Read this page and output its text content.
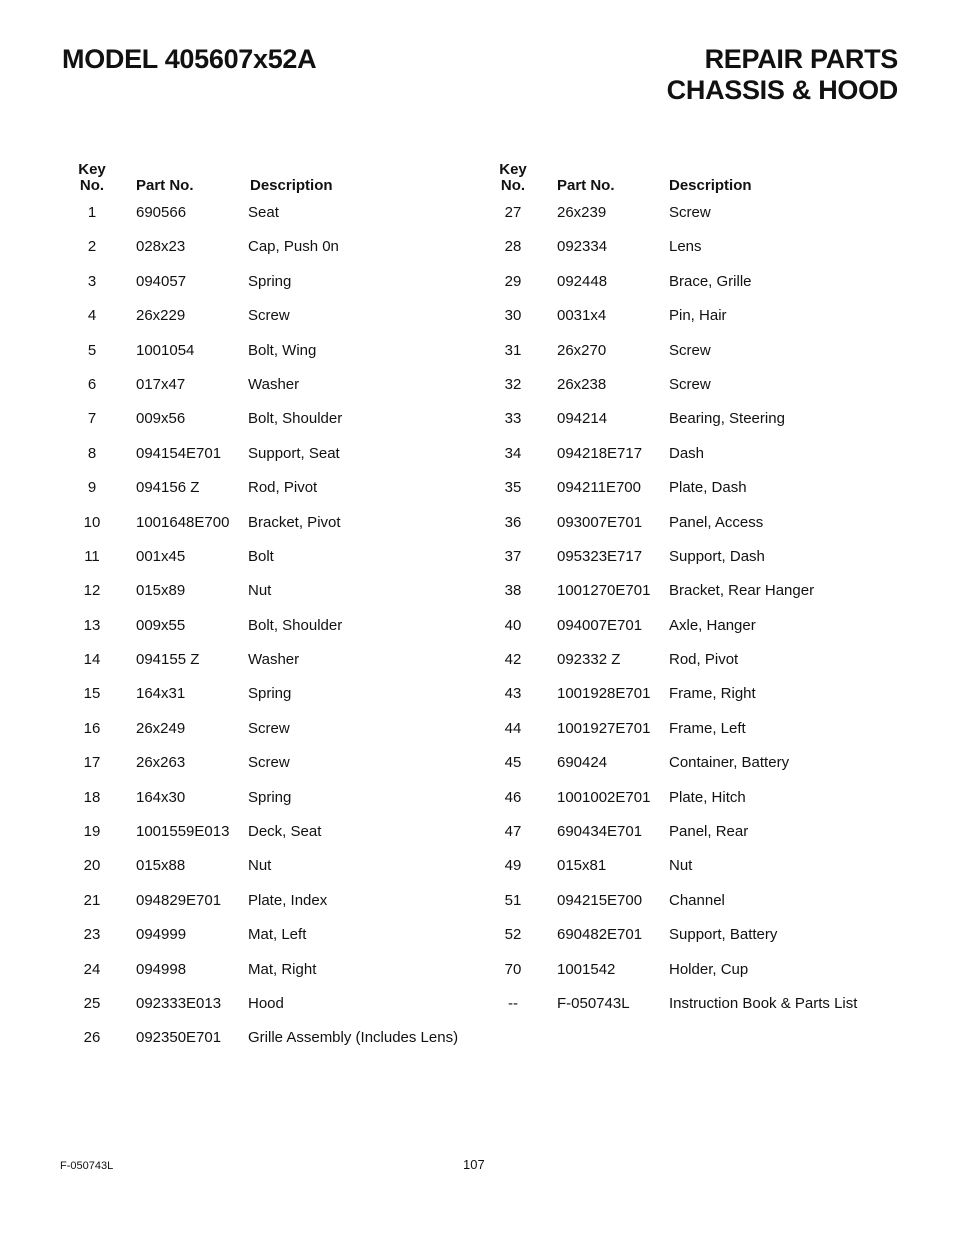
MODEL 405607x52A	REPAIR PARTS
CHASSIS & HOOD
Key
No.	Part No.	Description
1	690566	Seat
2	028x23	Cap, Push 0n
3	094057	Spring
4	26x229	Screw
5	1001054	Bolt, Wing
6	017x47	Washer
7	009x56	Bolt, Shoulder
8	094154E701 Support, Seat
9	094156 Z	Rod, Pivot
10	1001648E700 Bracket, Pivot
11	001x45	Bolt
12	015x89	Nut
13	009x55	Bolt, Shoulder
14	094155 Z	Washer
15	164x31	Spring
16	26x249	Screw
17	26x263	Screw
18	164x30	Spring
19	1001559E013 Deck, Seat
20	015x88	Nut
21	094829E701 Plate, Index
23	094999	Mat, Left
24	094998	Mat, Right
25	092333E013 Hood
26	092350E701 Grille Assembly (Includes Lens)
Key
No.	Part No.	Description
27	26x239	Screw
28	092334	Lens
29	092448	Brace, Grille
30	0031x4	Pin, Hair
31	26x270	Screw
32	26x238	Screw
33	094214	Bearing, Steering
34	094218E717 Dash
35	094211E700 Plate, Dash
36	093007E701 Panel, Access
37	095323E717 Support, Dash
38	1001270E701 Bracket, Rear Hanger
40	094007E701 Axle, Hanger
42	092332 Z	Rod, Pivot
43	1001928E701 Frame, Right
44	1001927E701 Frame, Left
45	690424	Container, Battery
46	1001002E701 Plate, Hitch
47	690434E701 Panel, Rear
49	015x81	Nut
51	094215E700 Channel
52	690482E701 Support, Battery
70	1001542	Holder, Cup
--	F-050743L	Instruction Book & Parts List
F-050743L	107
